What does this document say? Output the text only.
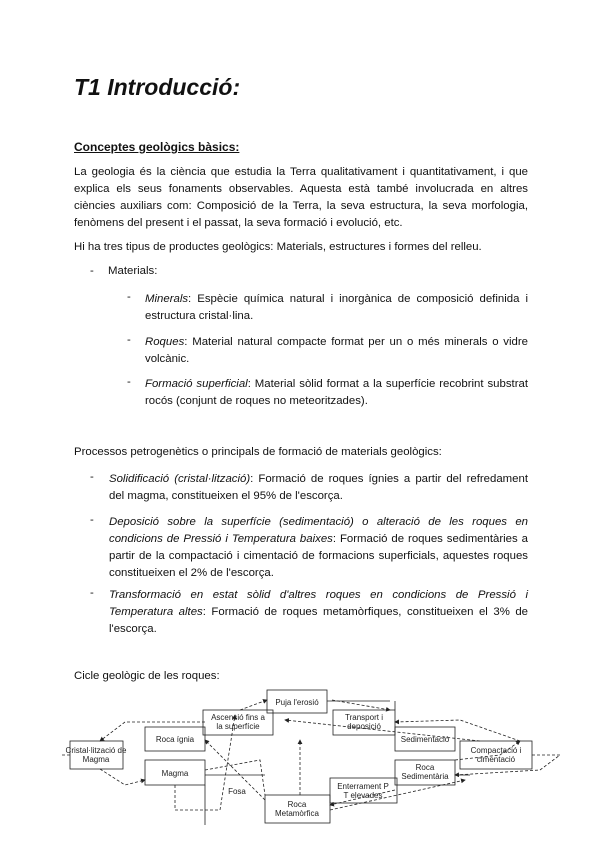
T1 Introducció:
Conceptes geològics bàsics:

La geologia és la ciència que estudia la Terra qualitativament i quantitativament, i que explica els seus fonaments observables. Aquesta està també involucrada en altres ciències auxiliars com: Composició de la Terra, la seva estructura, la seva morfologia, fenòmens del present i el passat, la seva formació i evolució, etc.

Hi ha tres tipus de productes geològics: Materials, estructures i formes del relleu.

- Materials:
- Minerals: Espècie química natural i inorgànica de composició definida i estructura cristal·lina.

- Roques: Material natural compacte format per un o més minerals o vidre volcànic.

- Formació superficial: Material sòlid format a la superfície recobrint substrat rocós (conjunt de roques no meteoritzades).

Processos petrogenètics o principals de formació de materials geològics:

- Solidificació (cristal·lització): Formació de roques ígnies a partir del refredament del magma, constitueixen el 95% de l'escorça.

- Deposició sobre la superfície (sedimentació) o alteració de les roques en condicions de Pressió i Temperatura baixes: Formació de roques sedimentàries a partir de la compactació i cimentació de formacions superficials, aquestes roques constitueixen el 2% de l'escorça.

- Transformació en estat sòlid d'altres roques en condicions de Pressió i Temperatura altes: Formació de roques metamòrfiques, constitueixen el 3% de l'escorça.

Cicle geològic de les roques:

Puja l'erosió
Ascensió fins a
la superfície
Transport i
deposició
Roca ígnia	Sedimentació
Cristal·lització de
Magma
Compactació i
cimentació
Magma
Roca
Sedimentària
Fosa
Enterrament P
T elevades
Roca
Metamòrfica
